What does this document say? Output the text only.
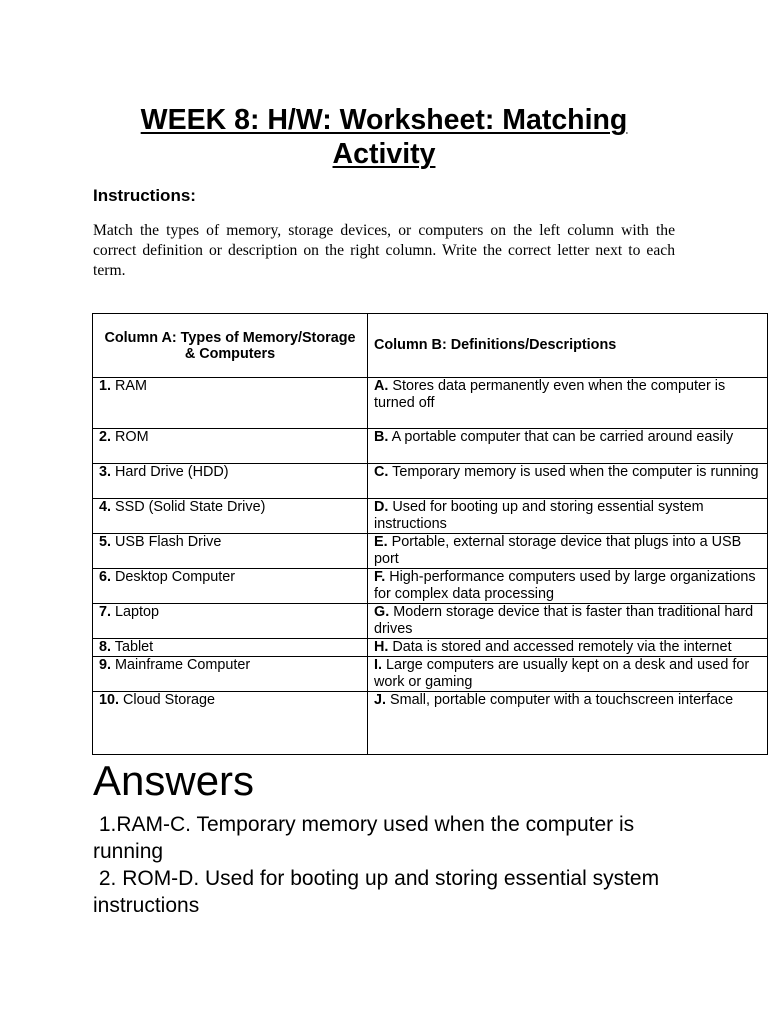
WEEK 8: H/W: Worksheet: Matching Activity
Instructions:
Match the types of memory, storage devices, or computers on the left column with the correct definition or description on the right column. Write the correct letter next to each term.
Column A: Types of Memory/Storage & Computers	Column B: Definitions/Descriptions
1. RAM	A. Stores data permanently even when the computer is turned off
2. ROM	B. A portable computer that can be carried around easily
3. Hard Drive (HDD)	C. Temporary memory is used when the computer is running
4. SSD (Solid State Drive)	D. Used for booting up and storing essential system instructions
5. USB Flash Drive	E. Portable, external storage device that plugs into a USB port
6. Desktop Computer	F. High-performance computers used by large organizations for complex data processing
7. Laptop	G. Modern storage device that is faster than traditional hard drives
8. Tablet	H. Data is stored and accessed remotely via the internet
9. Mainframe Computer	I. Large computers are usually kept on a desk and used for work or gaming
10. Cloud Storage	J. Small, portable computer with a touchscreen interface
Answers

1.RAM-C. Temporary memory used when the computer is running

2. ROM-D. Used for booting up and storing essential system instructions
